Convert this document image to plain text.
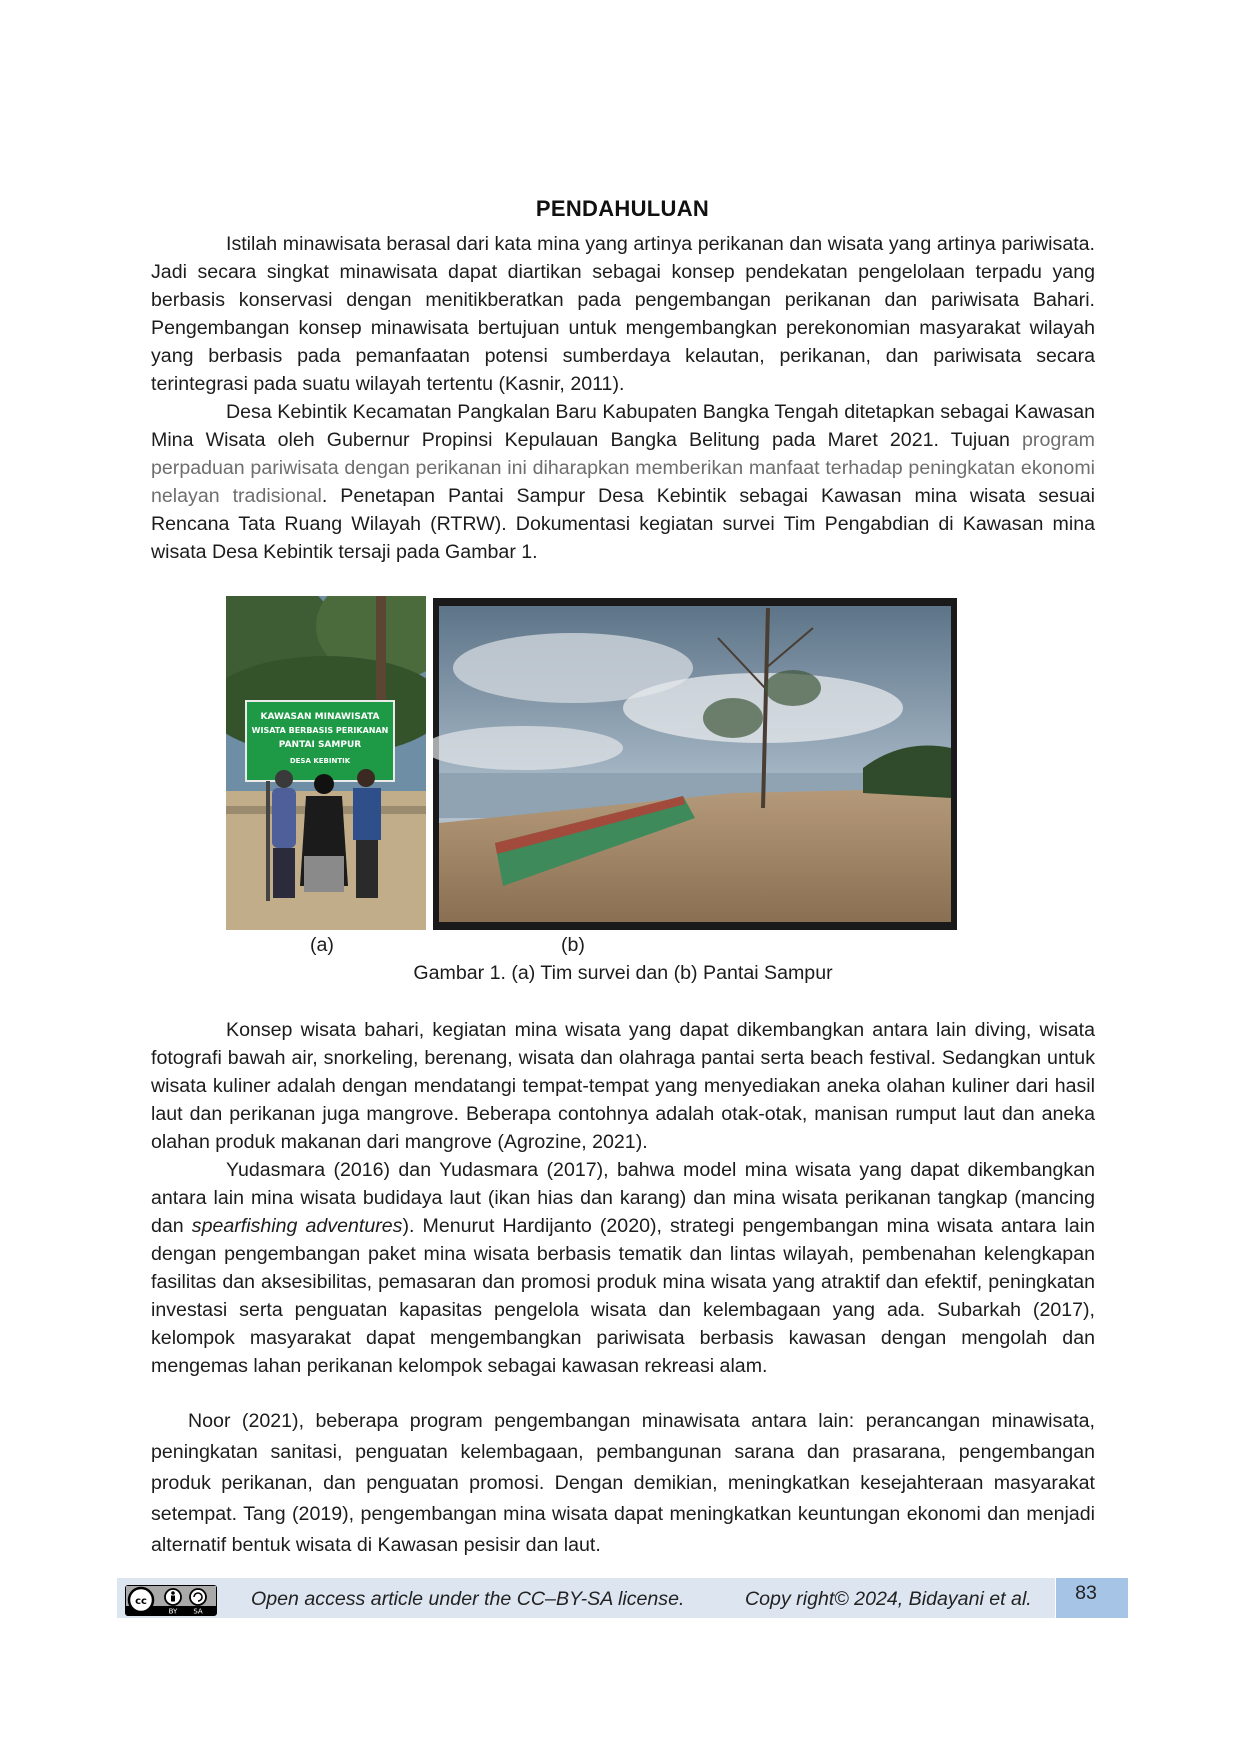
PENDAHULUAN

Istilah minawisata berasal dari kata mina yang artinya perikanan dan wisata yang artinya pariwisata. Jadi secara singkat minawisata dapat diartikan sebagai konsep pendekatan pengelolaan terpadu yang berbasis konservasi dengan menitikberatkan pada pengembangan perikanan dan pariwisata Bahari. Pengembangan konsep minawisata bertujuan untuk mengembangkan perekonomian masyarakat wilayah yang berbasis pada pemanfaatan potensi sumberdaya kelautan, perikanan, dan pariwisata secara terintegrasi pada suatu wilayah tertentu (Kasnir, 2011).

Desa Kebintik Kecamatan Pangkalan Baru Kabupaten Bangka Tengah ditetapkan sebagai Kawasan Mina Wisata oleh Gubernur Propinsi Kepulauan Bangka Belitung pada Maret 2021. Tujuan program perpaduan pariwisata dengan perikanan ini diharapkan memberikan manfaat terhadap peningkatan ekonomi nelayan tradisional. Penetapan Pantai Sampur Desa Kebintik sebagai Kawasan mina wisata sesuai Rencana Tata Ruang Wilayah (RTRW). Dokumentasi kegiatan survei Tim Pengabdian di Kawasan mina wisata Desa Kebintik tersaji pada Gambar 1.

KAWASAN MINAWISATA
WISATA BERBASIS PERIKANAN
PANTAI SAMPUR
DESA KEBINTIK
(a)	(b)
Gambar 1. (a) Tim survei dan (b) Pantai Sampur

Konsep wisata bahari, kegiatan mina wisata yang dapat dikembangkan antara lain diving, wisata fotografi bawah air, snorkeling, berenang, wisata dan olahraga pantai serta beach festival. Sedangkan untuk wisata kuliner adalah dengan mendatangi tempat-tempat yang menyediakan aneka olahan kuliner dari hasil laut dan perikanan juga mangrove. Beberapa contohnya adalah otak-otak, manisan rumput laut dan aneka olahan produk makanan dari mangrove (Agrozine, 2021).

Yudasmara (2016) dan Yudasmara (2017), bahwa model mina wisata yang dapat dikembangkan antara lain mina wisata budidaya laut (ikan hias dan karang) dan mina wisata perikanan tangkap (mancing dan spearfishing adventures). Menurut Hardijanto (2020), strategi pengembangan mina wisata antara lain dengan pengembangan paket mina wisata berbasis tematik dan lintas wilayah, pembenahan kelengkapan fasilitas dan aksesibilitas, pemasaran dan promosi produk mina wisata yang atraktif dan efektif, peningkatan investasi serta penguatan kapasitas pengelola wisata dan kelembagaan yang ada. Subarkah (2017), kelompok masyarakat dapat mengembangkan pariwisata berbasis kawasan dengan mengolah dan mengemas lahan perikanan kelompok sebagai kawasan rekreasi alam.

Noor (2021), beberapa program pengembangan minawisata antara lain: perancangan minawisata, peningkatan sanitasi, penguatan kelembagaan, pembangunan sarana dan prasarana, pengembangan produk perikanan, dan penguatan promosi. Dengan demikian, meningkatkan kesejahteraan masyarakat setempat. Tang (2019), pengembangan mina wisata dapat meningkatkan keuntungan ekonomi dan menjadi alternatif bentuk wisata di Kawasan pesisir dan laut.

cc
BY SA
Open access article under the CC–BY-SA license.	Copy right© 2024, Bidayani et al.	83
